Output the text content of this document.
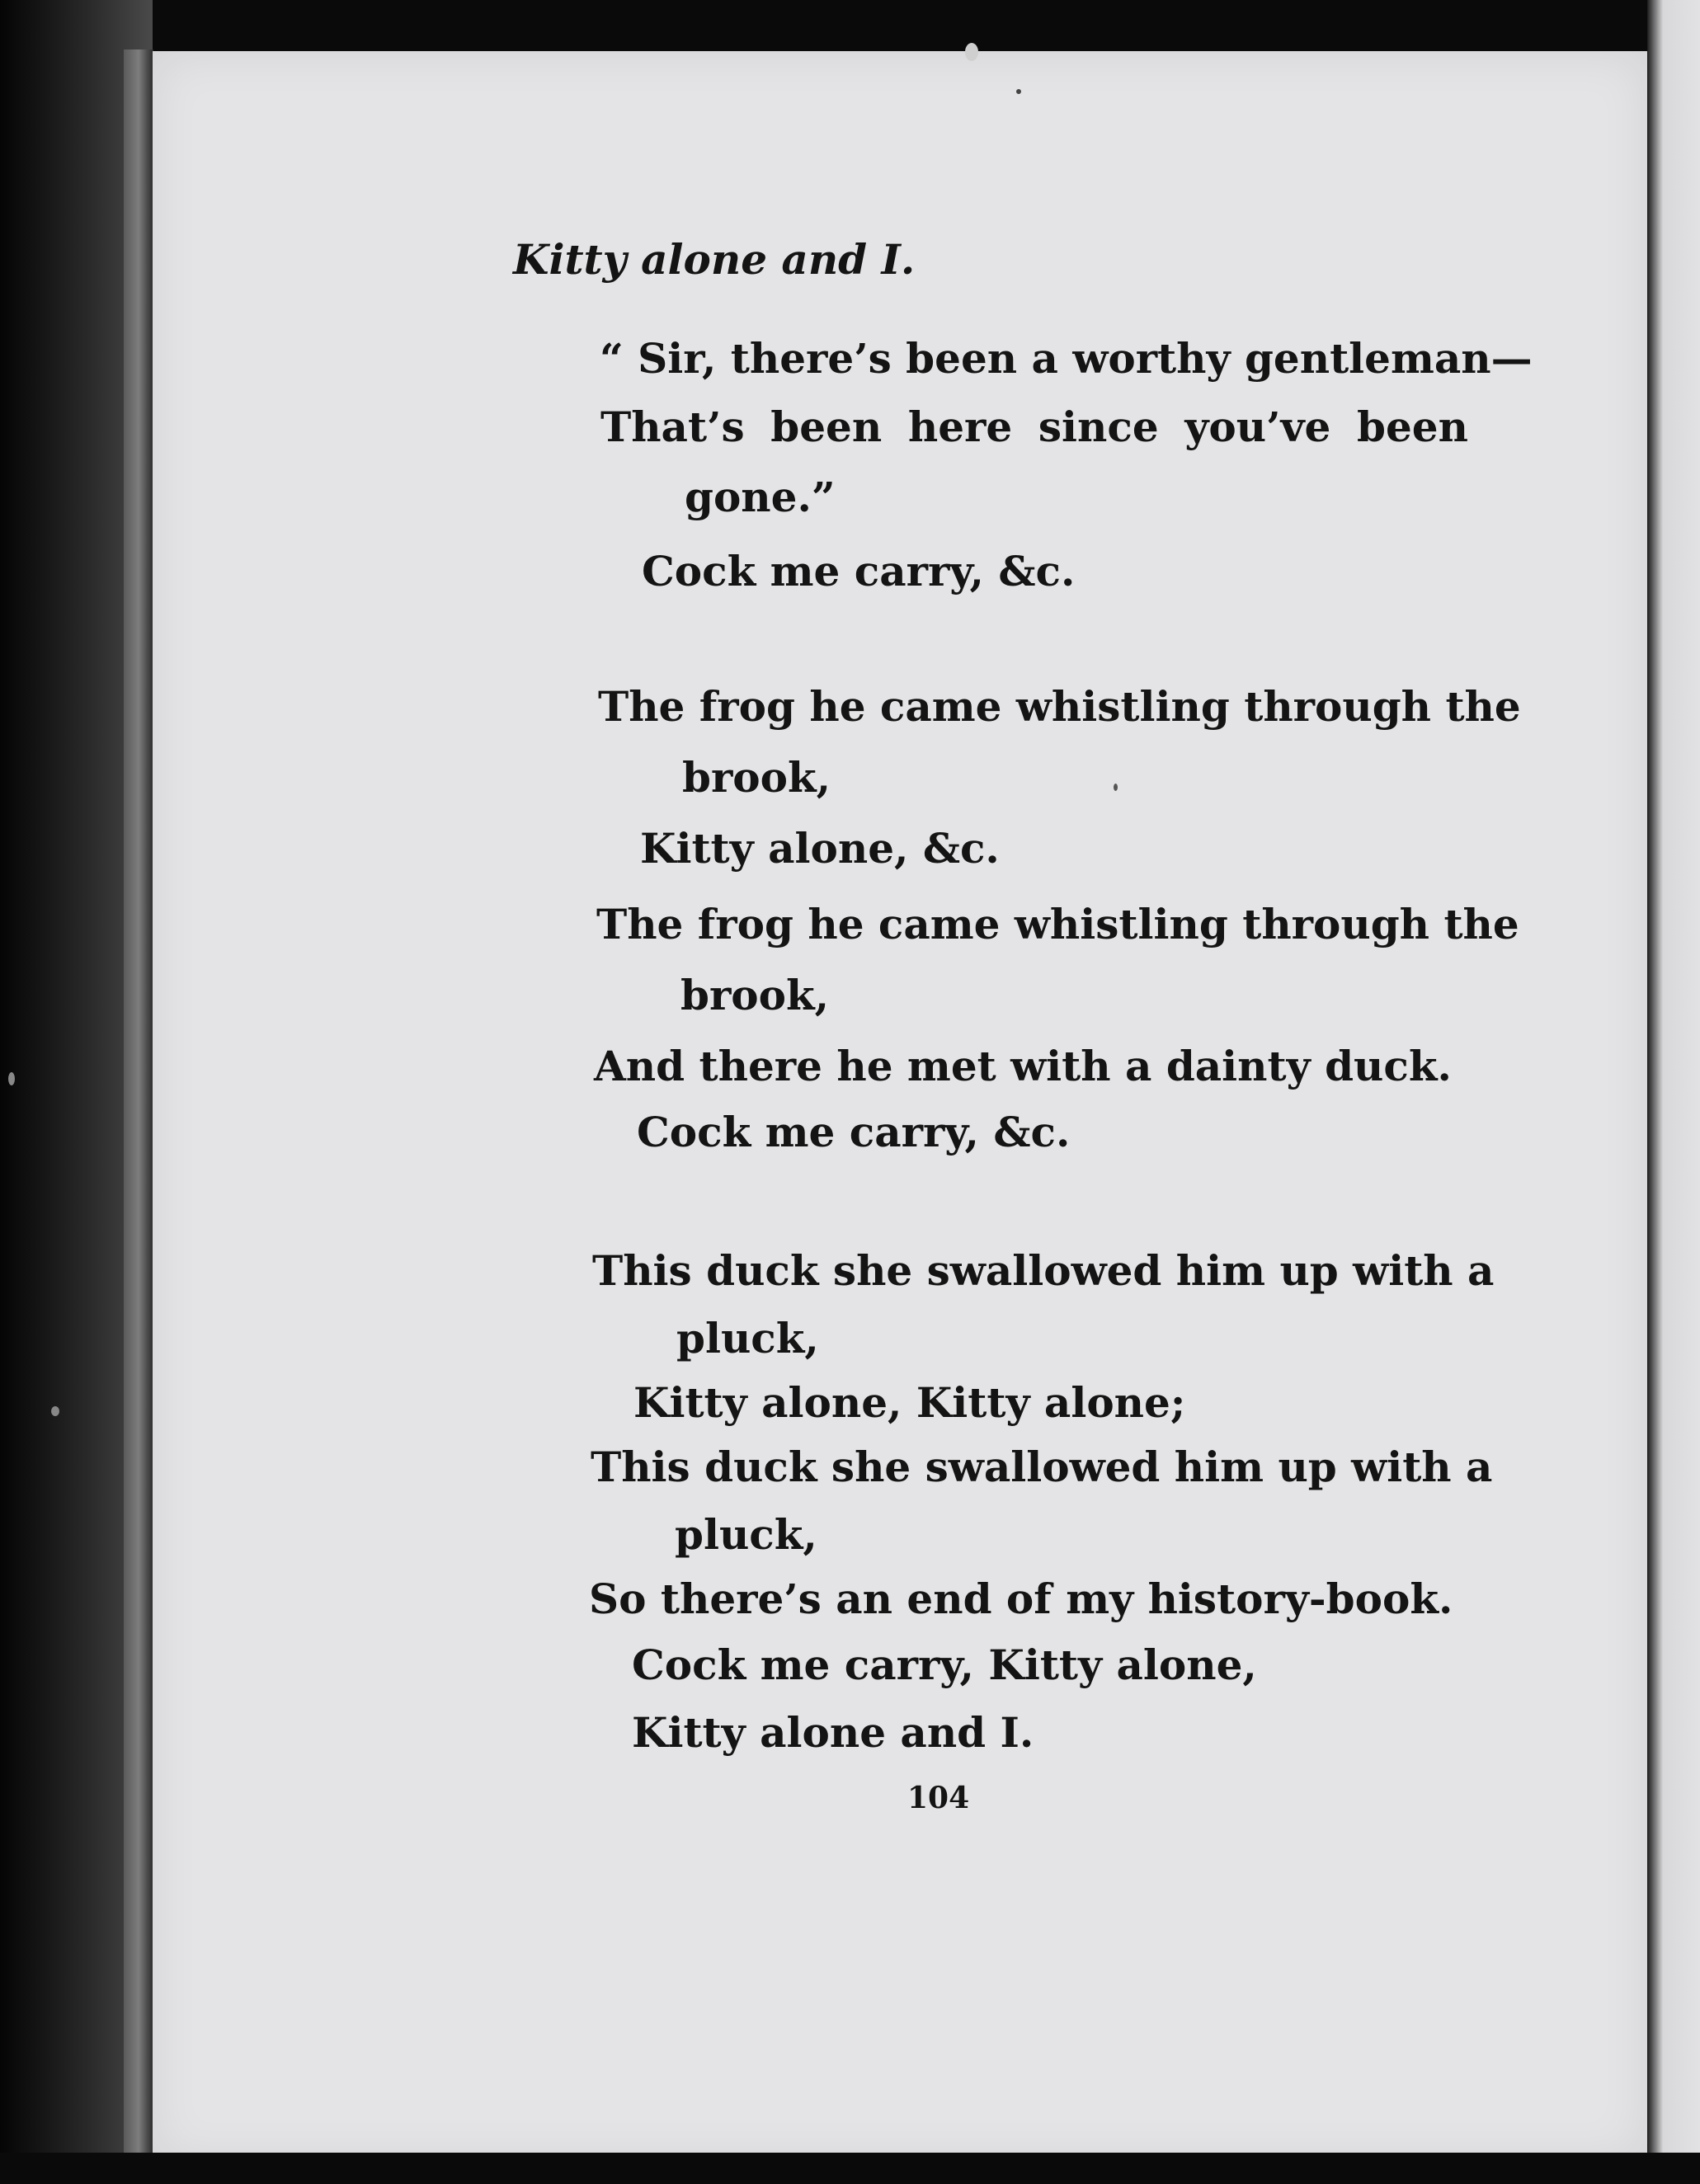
Kitty alone and I.
“ Sir, there’s been a worthy gentleman—
That’s been here since you’ve been
gone.”
Cock me carry, &c.
The frog he came whistling through the
brook,
Kitty alone, &c.
The frog he came whistling through the
brook,
And there he met with a dainty duck.
Cock me carry, &c.
This duck she swallowed him up with a
pluck,
Kitty alone, Kitty alone;
This duck she swallowed him up with a
pluck,
So there’s an end of my history-book.
Cock me carry, Kitty alone,
Kitty alone and I.
104
